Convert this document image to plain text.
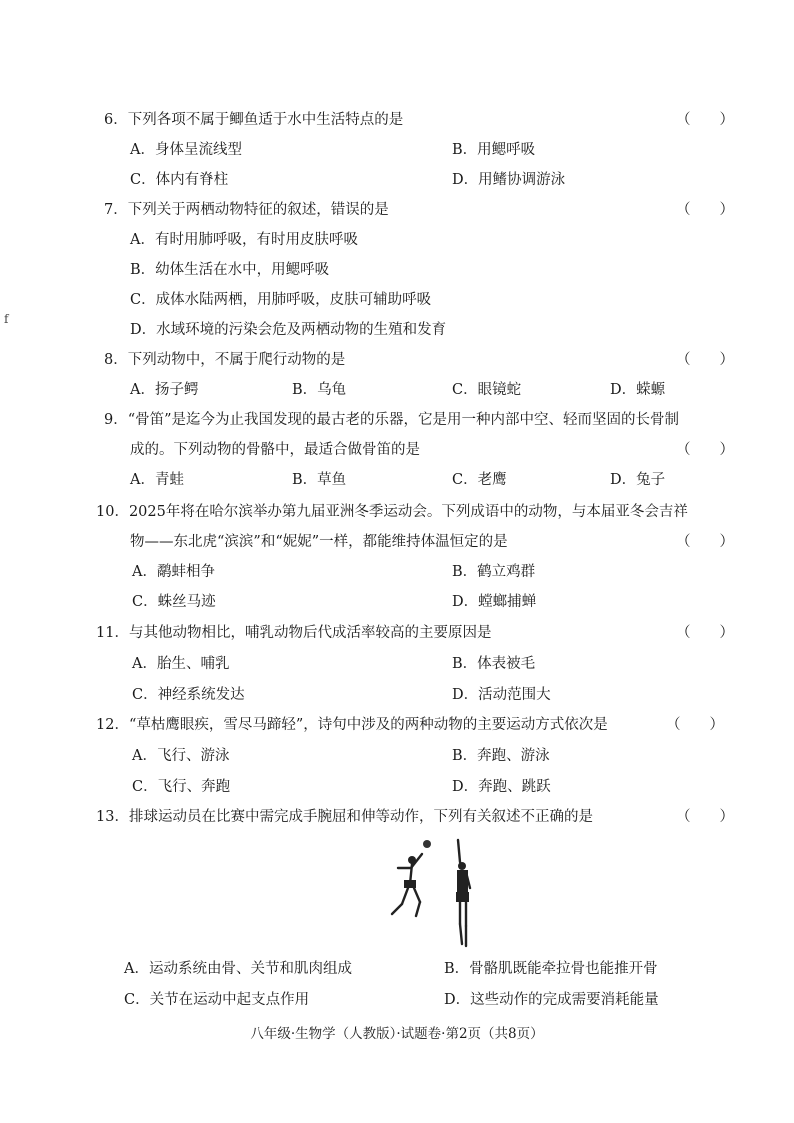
f
6．下列各项不属于鲫鱼适于水中生活特点的是	（　　）
A．身体呈流线型	B．用鳃呼吸
C．体内有脊柱	D．用鳍协调游泳
7．下列关于两栖动物特征的叙述，错误的是	（　　）
A．有时用肺呼吸，有时用皮肤呼吸
B．幼体生活在水中，用鳃呼吸
C．成体水陆两栖，用肺呼吸，皮肤可辅助呼吸
D．水域环境的污染会危及两栖动物的生殖和发育
8．下列动物中，不属于爬行动物的是	（　　）
A．扬子鳄	B．乌龟	C．眼镜蛇	D．蝾螈
9．“骨笛”是迄今为止我国发现的最古老的乐器，它是用一种内部中空、轻而坚固的长骨制
成的。下列动物的骨骼中，最适合做骨笛的是	（　　）
A．青蛙	B．草鱼	C．老鹰	D．兔子
10．2025年将在哈尔滨举办第九届亚洲冬季运动会。下列成语中的动物，与本届亚冬会吉祥
物——东北虎“滨滨”和“妮妮”一样，都能维持体温恒定的是	（　　）
A．鹬蚌相争	B．鹤立鸡群
C．蛛丝马迹	D．螳螂捕蝉
11．与其他动物相比，哺乳动物后代成活率较高的主要原因是	（　　）
A．胎生、哺乳	B．体表被毛
C．神经系统发达	D．活动范围大
12．“草枯鹰眼疾，雪尽马蹄轻”，诗句中涉及的两种动物的主要运动方式依次是	（　　）
A．飞行、游泳	B．奔跑、游泳
C．飞行、奔跑	D．奔跑、跳跃
13．排球运动员在比赛中需完成手腕屈和伸等动作，下列有关叙述不正确的是	（　　）
A．运动系统由骨、关节和肌肉组成	B．骨骼肌既能牵拉骨也能推开骨
C．关节在运动中起支点作用	D．这些动作的完成需要消耗能量
八年级·生物学（人教版）·试题卷·第2页（共8页）
